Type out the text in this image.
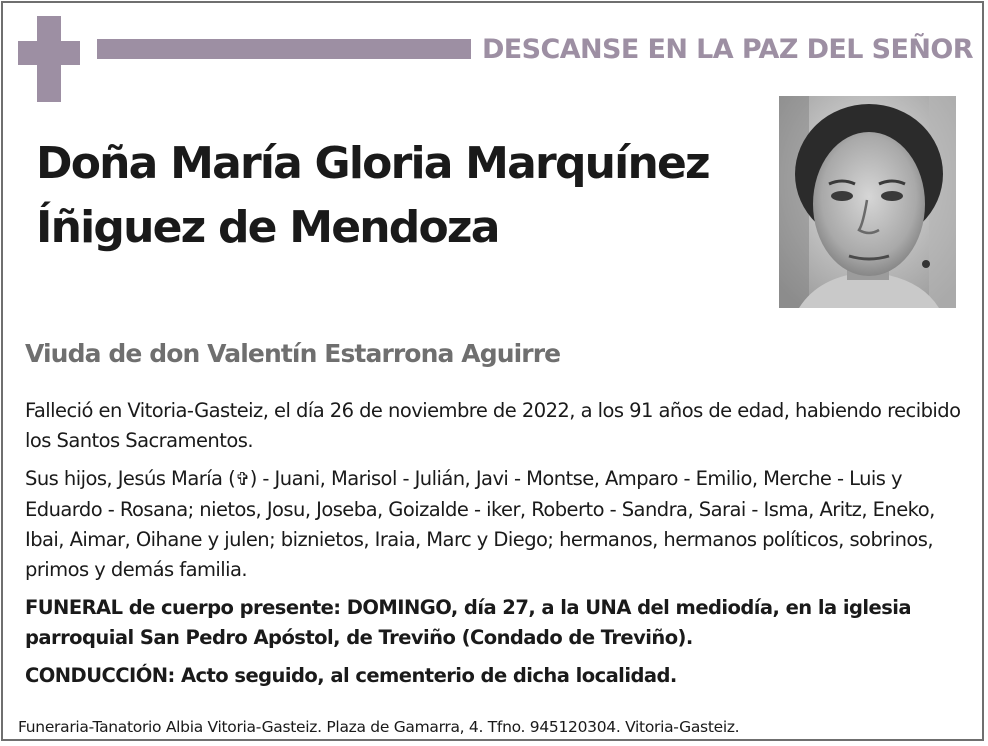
DESCANSE EN LA PAZ DEL SEÑOR
Doña María Gloria Marquínez
Íñiguez de Mendoza
Viuda de don Valentín Estarrona Aguirre

Falleció en Vitoria-Gasteiz, el día 26 de noviembre de 2022, a los 91 años de edad, habiendo recibido los Santos Sacramentos.

Sus hijos, Jesús María (✞) - Juani, Marisol - Julián, Javi - Montse, Amparo - Emilio, Merche - Luis y Eduardo - Rosana; nietos, Josu, Joseba, Goizalde - iker, Roberto - Sandra, Sarai - Isma, Aritz, Eneko, Ibai, Aimar, Oihane y julen; biznietos, Iraia, Marc y Diego; hermanos, hermanos políticos, sobrinos, primos y demás familia.

FUNERAL de cuerpo presente: DOMINGO, día 27, a la UNA del mediodía, en la iglesia parroquial San Pedro Apóstol, de Treviño (Condado de Treviño).

CONDUCCIÓN: Acto seguido, al cementerio de dicha localidad.

Funeraria-Tanatorio Albia Vitoria-Gasteiz. Plaza de Gamarra, 4. Tfno. 945120304. Vitoria-Gasteiz.
